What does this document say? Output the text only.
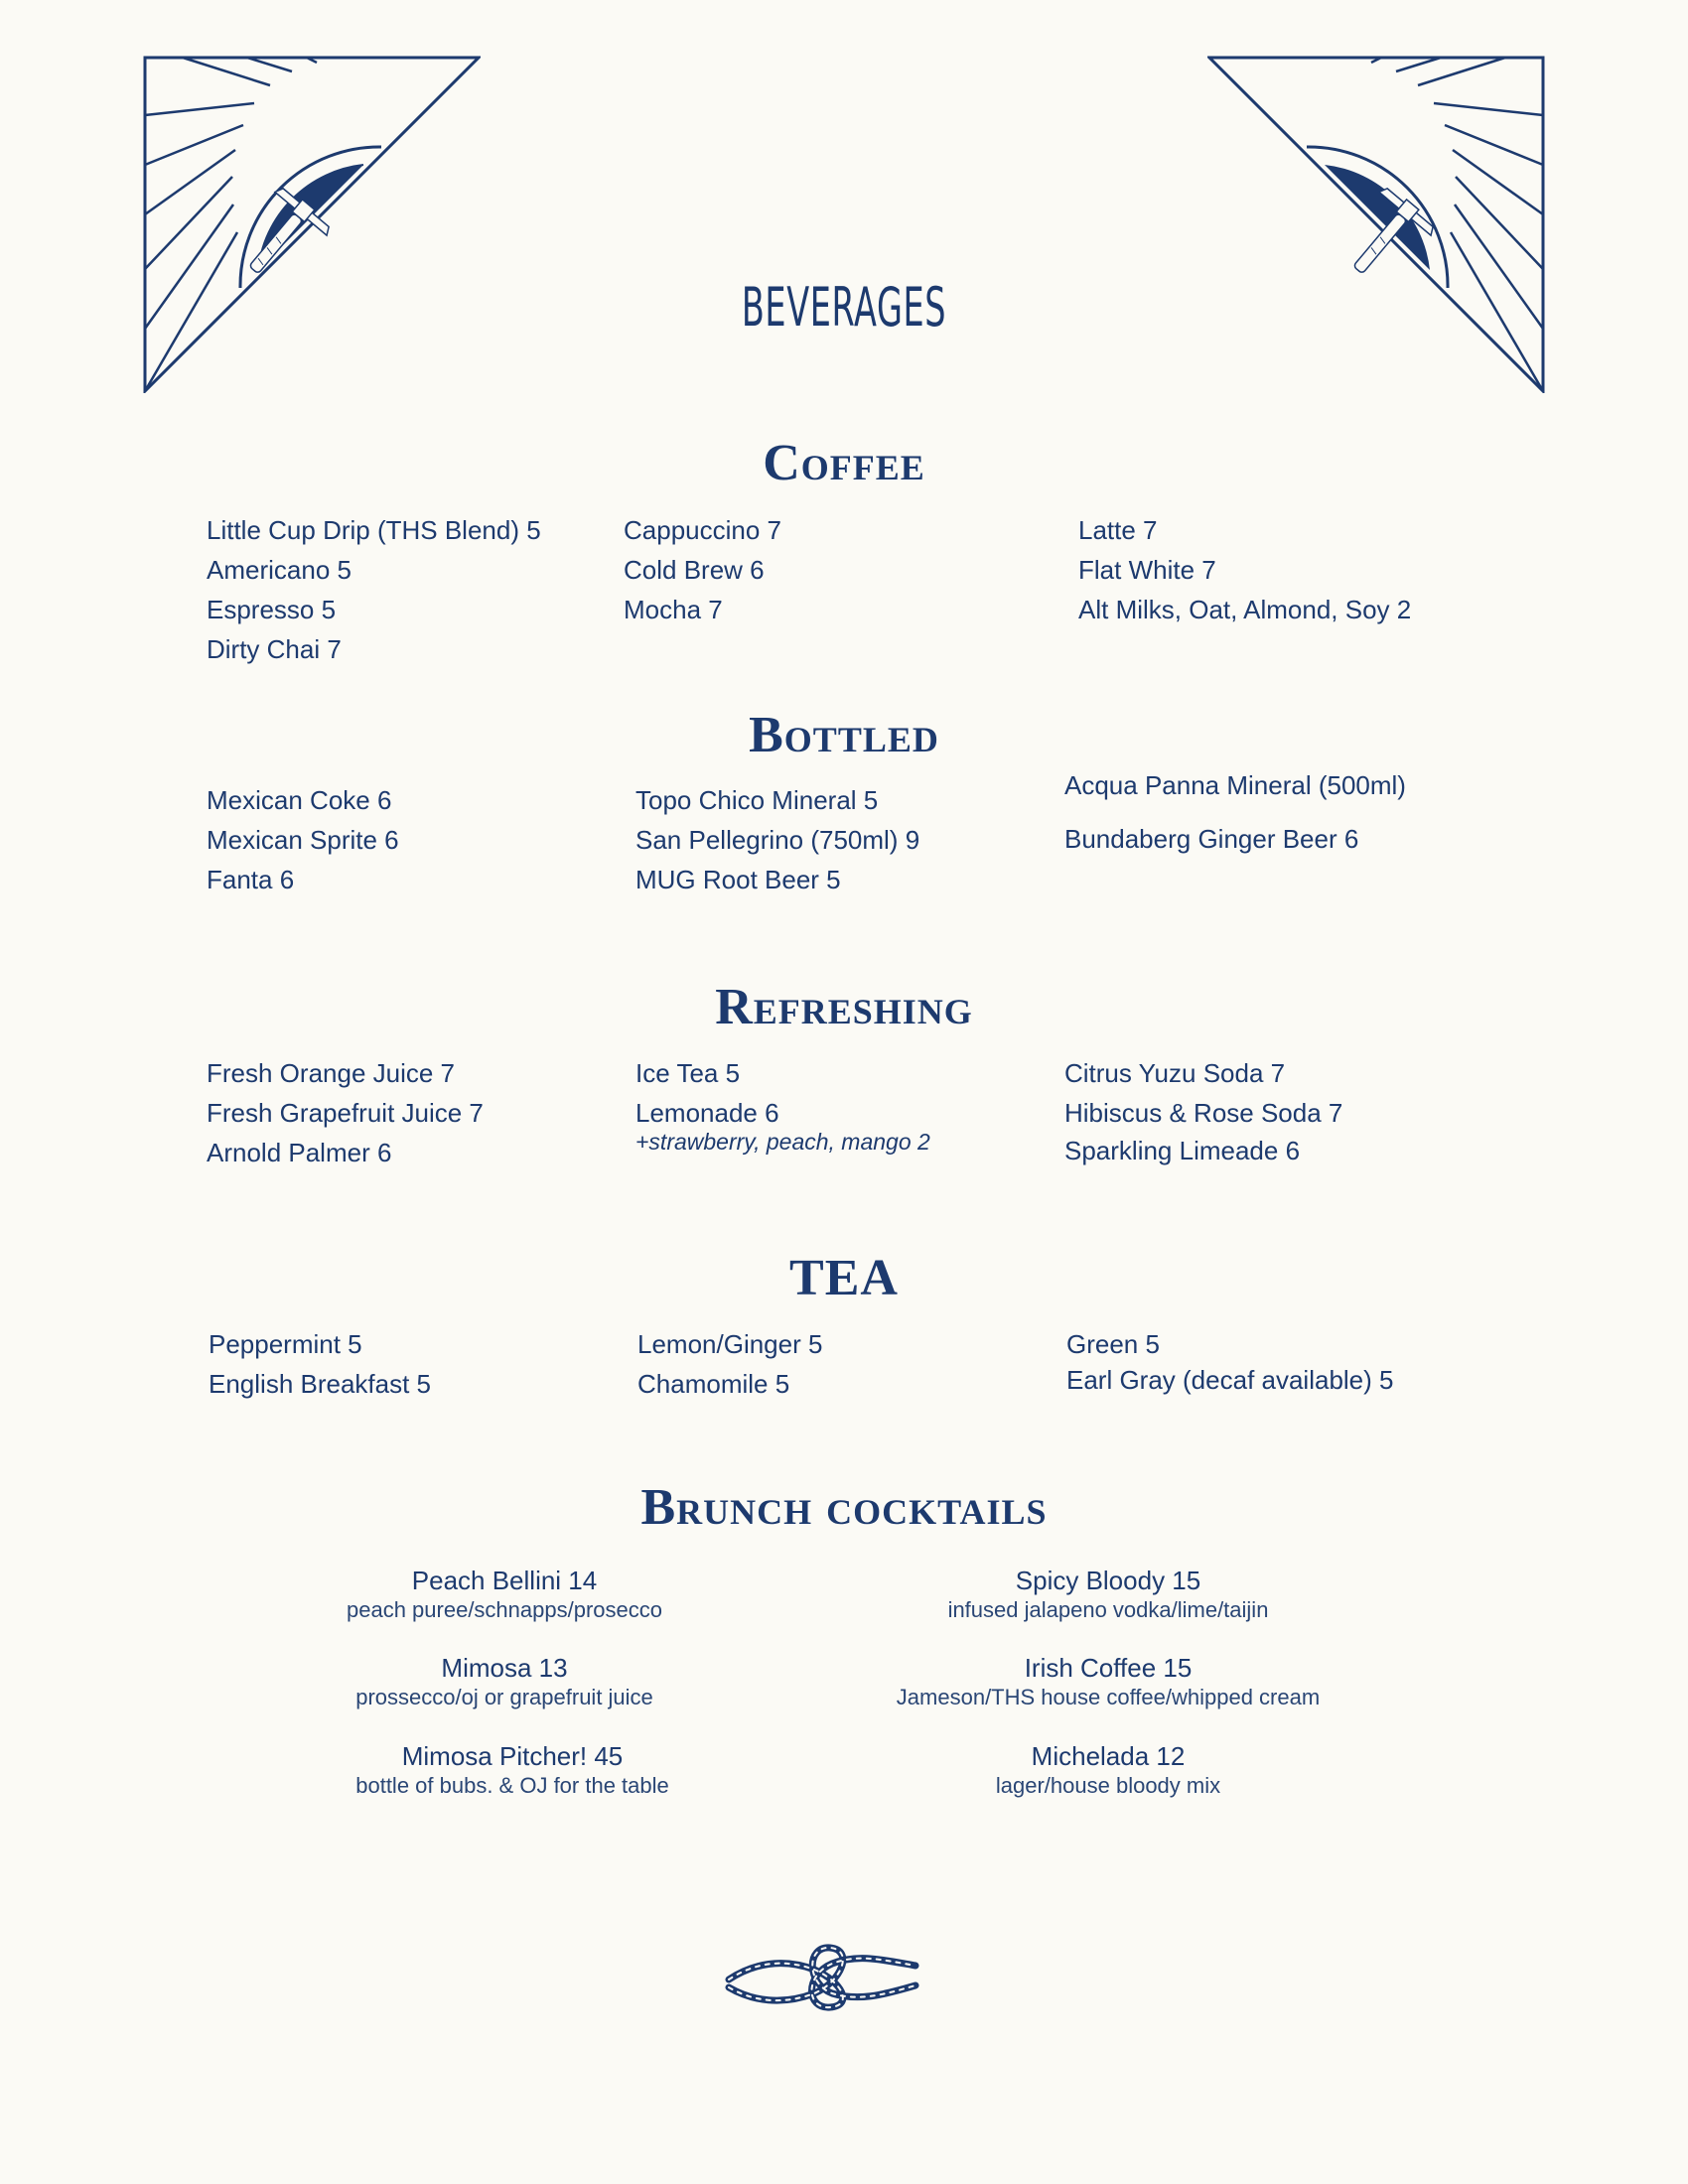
BEVERAGES
Coffee
Little Cup Drip (THS Blend) 5
Americano 5
Espresso 5
Dirty Chai 7
Cappuccino 7
Cold Brew 6
Mocha 7
Latte 7
Flat White 7
Alt Milks, Oat, Almond, Soy 2
Bottled
Mexican Coke 6
Mexican Sprite 6
Fanta 6
Topo Chico Mineral 5
San Pellegrino (750ml) 9
MUG Root Beer 5
Acqua Panna Mineral (500ml)
Bundaberg Ginger Beer 6
Refreshing
Fresh Orange Juice 7
Fresh Grapefruit Juice 7
Arnold Palmer 6
Ice Tea 5
Lemonade 6
+strawberry, peach, mango 2
Citrus Yuzu Soda 7
Hibiscus & Rose Soda 7
Sparkling Limeade 6
TEA
Peppermint 5
English Breakfast 5
Lemon/Ginger 5
Chamomile 5
Green 5
Earl Gray (decaf available) 5
Brunch cocktails
Peach Bellini 14
peach puree/schnapps/prosecco
Mimosa 13
prossecco/oj or grapefruit juice
Mimosa Pitcher! 45
bottle of bubs. & OJ for the table
Spicy Bloody 15
infused jalapeno vodka/lime/taijin
Irish Coffee 15
Jameson/THS house coffee/whipped cream
Michelada 12
lager/house bloody mix
